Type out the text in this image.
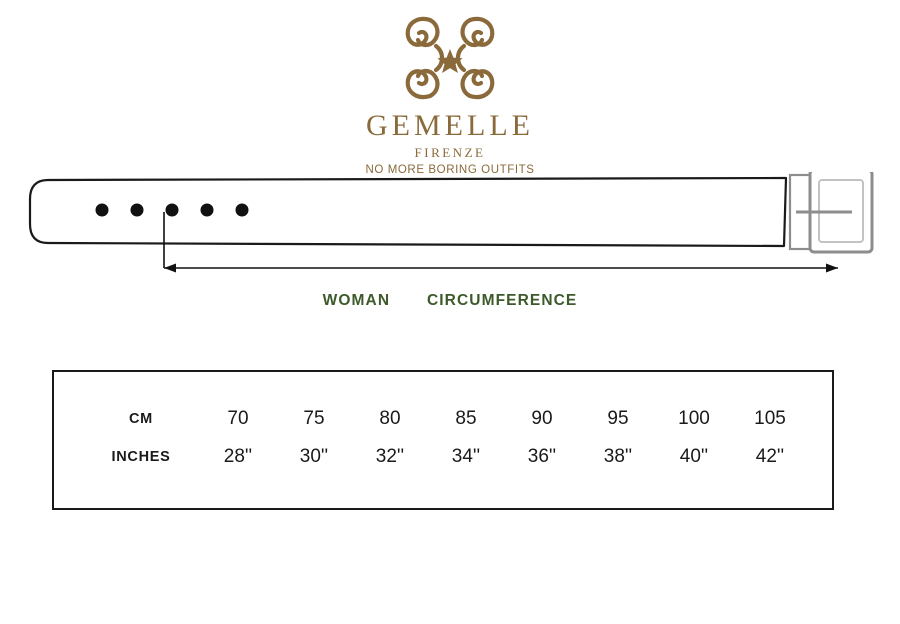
GEMELLE
FIRENZE
NO MORE BORING OUTFITS
WOMAN CIRCUMFERENCE
CM	70	75	80	85	90	95	100	105
INCHES	28''	30''	32''	34''	36''	38''	40''	42''
